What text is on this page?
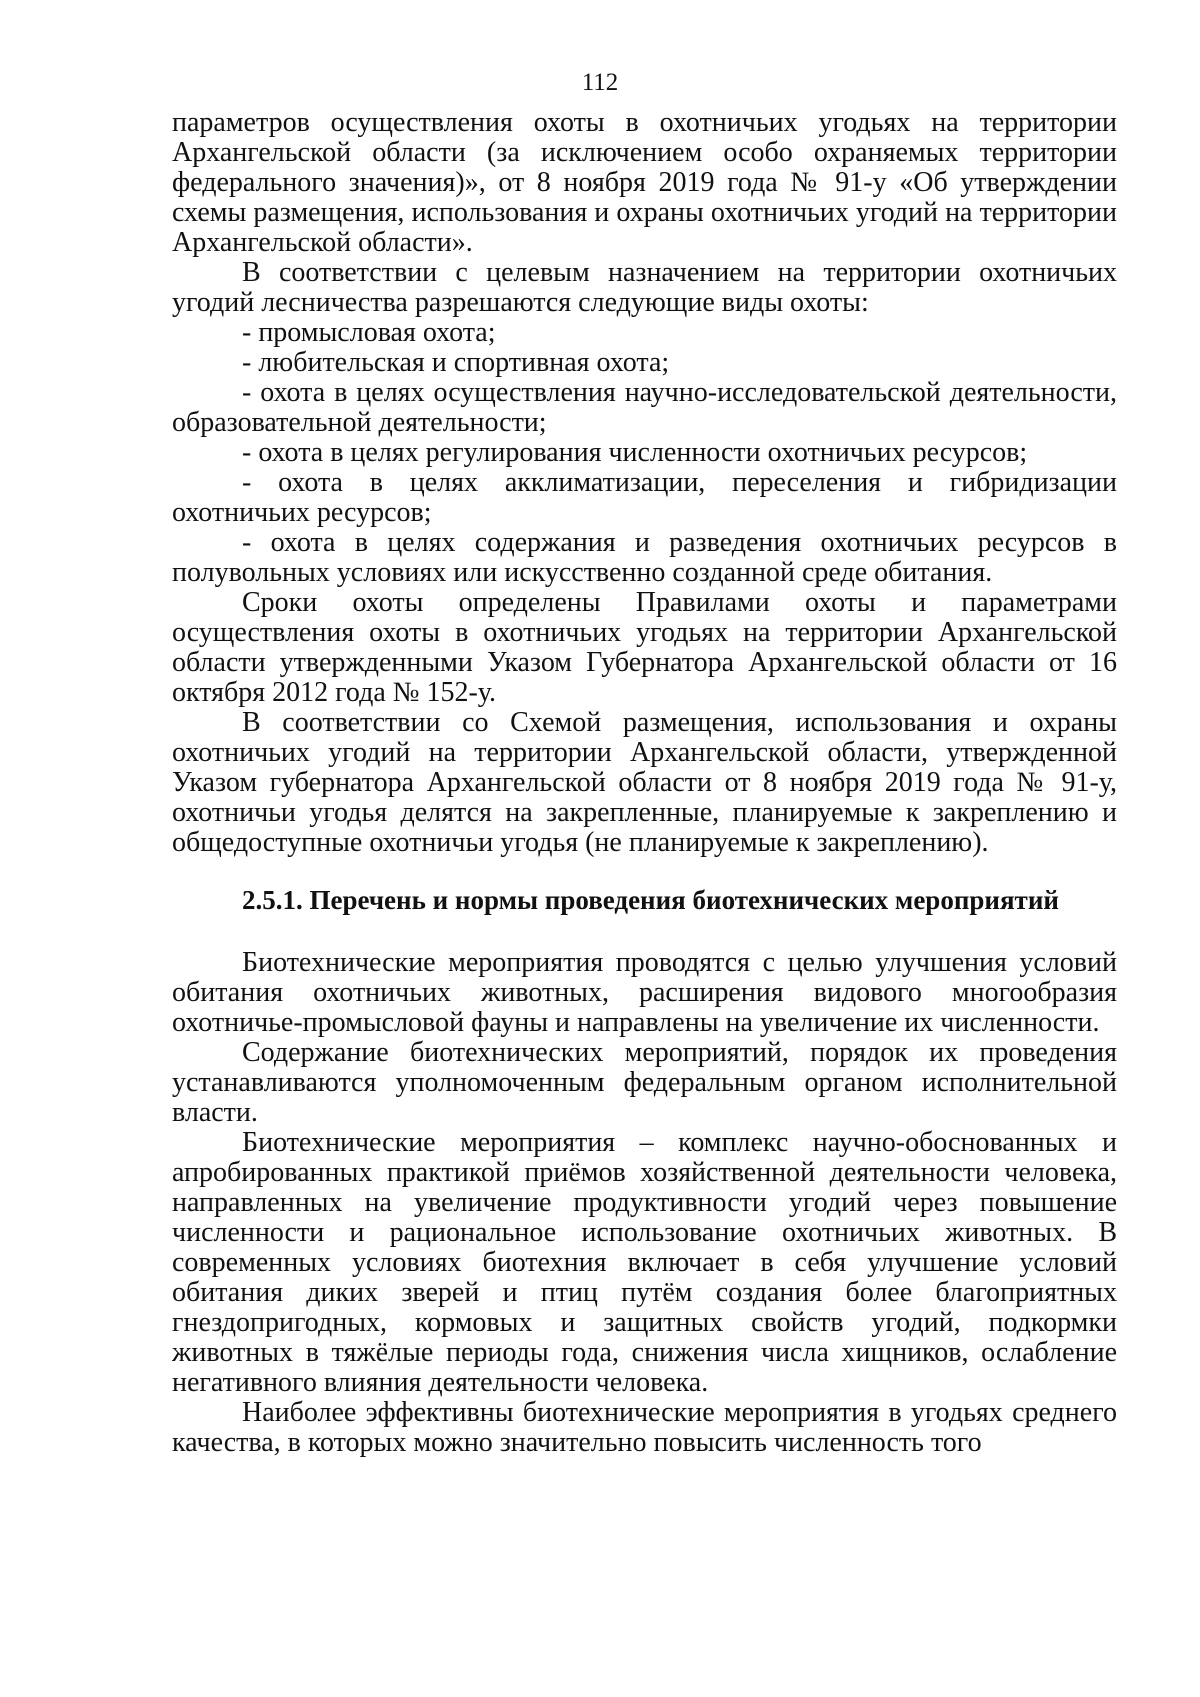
112

параметров осуществления охоты в охотничьих угодьях на территории Архангельской области (за исключением особо охраняемых территории федерального значения)», от 8 ноября 2019 года № 91-у «Об утверждении схемы размещения, использования и охраны охотничьих угодий на территории Архангельской области».

В соответствии с целевым назначением на территории охотничьих угодий лесничества разрешаются следующие виды охоты:

- промысловая охота;

- любительская и спортивная охота;

- охота в целях осуществления научно-исследовательской деятельности, образовательной деятельности;

- охота в целях регулирования численности охотничьих ресурсов;

- охота в целях акклиматизации, переселения и гибридизации охотничьих ресурсов;

- охота в целях содержания и разведения охотничьих ресурсов в полувольных условиях или искусственно созданной среде обитания.

Сроки охоты определены Правилами охоты и параметрами осуществления охоты в охотничьих угодьях на территории Архангельской области утвержденными Указом Губернатора Архангельской области от 16 октября 2012 года № 152-у.

В соответствии со Схемой размещения, использования и охраны охотничьих угодий на территории Архангельской области, утвержденной Указом губернатора Архангельской области от 8 ноября 2019 года № 91-у, охотничьи угодья делятся на закрепленные, планируемые к закреплению и общедоступные охотничьи угодья (не планируемые к закреплению).

2.5.1. Перечень и нормы проведения биотехнических мероприятий

Биотехнические мероприятия проводятся с целью улучшения условий обитания охотничьих животных, расширения видового многообразия охотничье-промысловой фауны и направлены на увеличение их численности.

Содержание биотехнических мероприятий, порядок их проведения устанавливаются уполномоченным федеральным органом исполнительной власти.

Биотехнические мероприятия – комплекс научно-обоснованных и апробированных практикой приёмов хозяйственной деятельности человека, направленных на увеличение продуктивности угодий через повышение численности и рациональное использование охотничьих животных. В современных условиях биотехния включает в себя улучшение условий обитания диких зверей и птиц путём создания более благоприятных гнездопригодных, кормовых и защитных свойств угодий, подкормки животных в тяжёлые периоды года, снижения числа хищников, ослабление негативного влияния деятельности человека.

Наиболее эффективны биотехнические мероприятия в угодьях среднего качества, в которых можно значительно повысить численность того
